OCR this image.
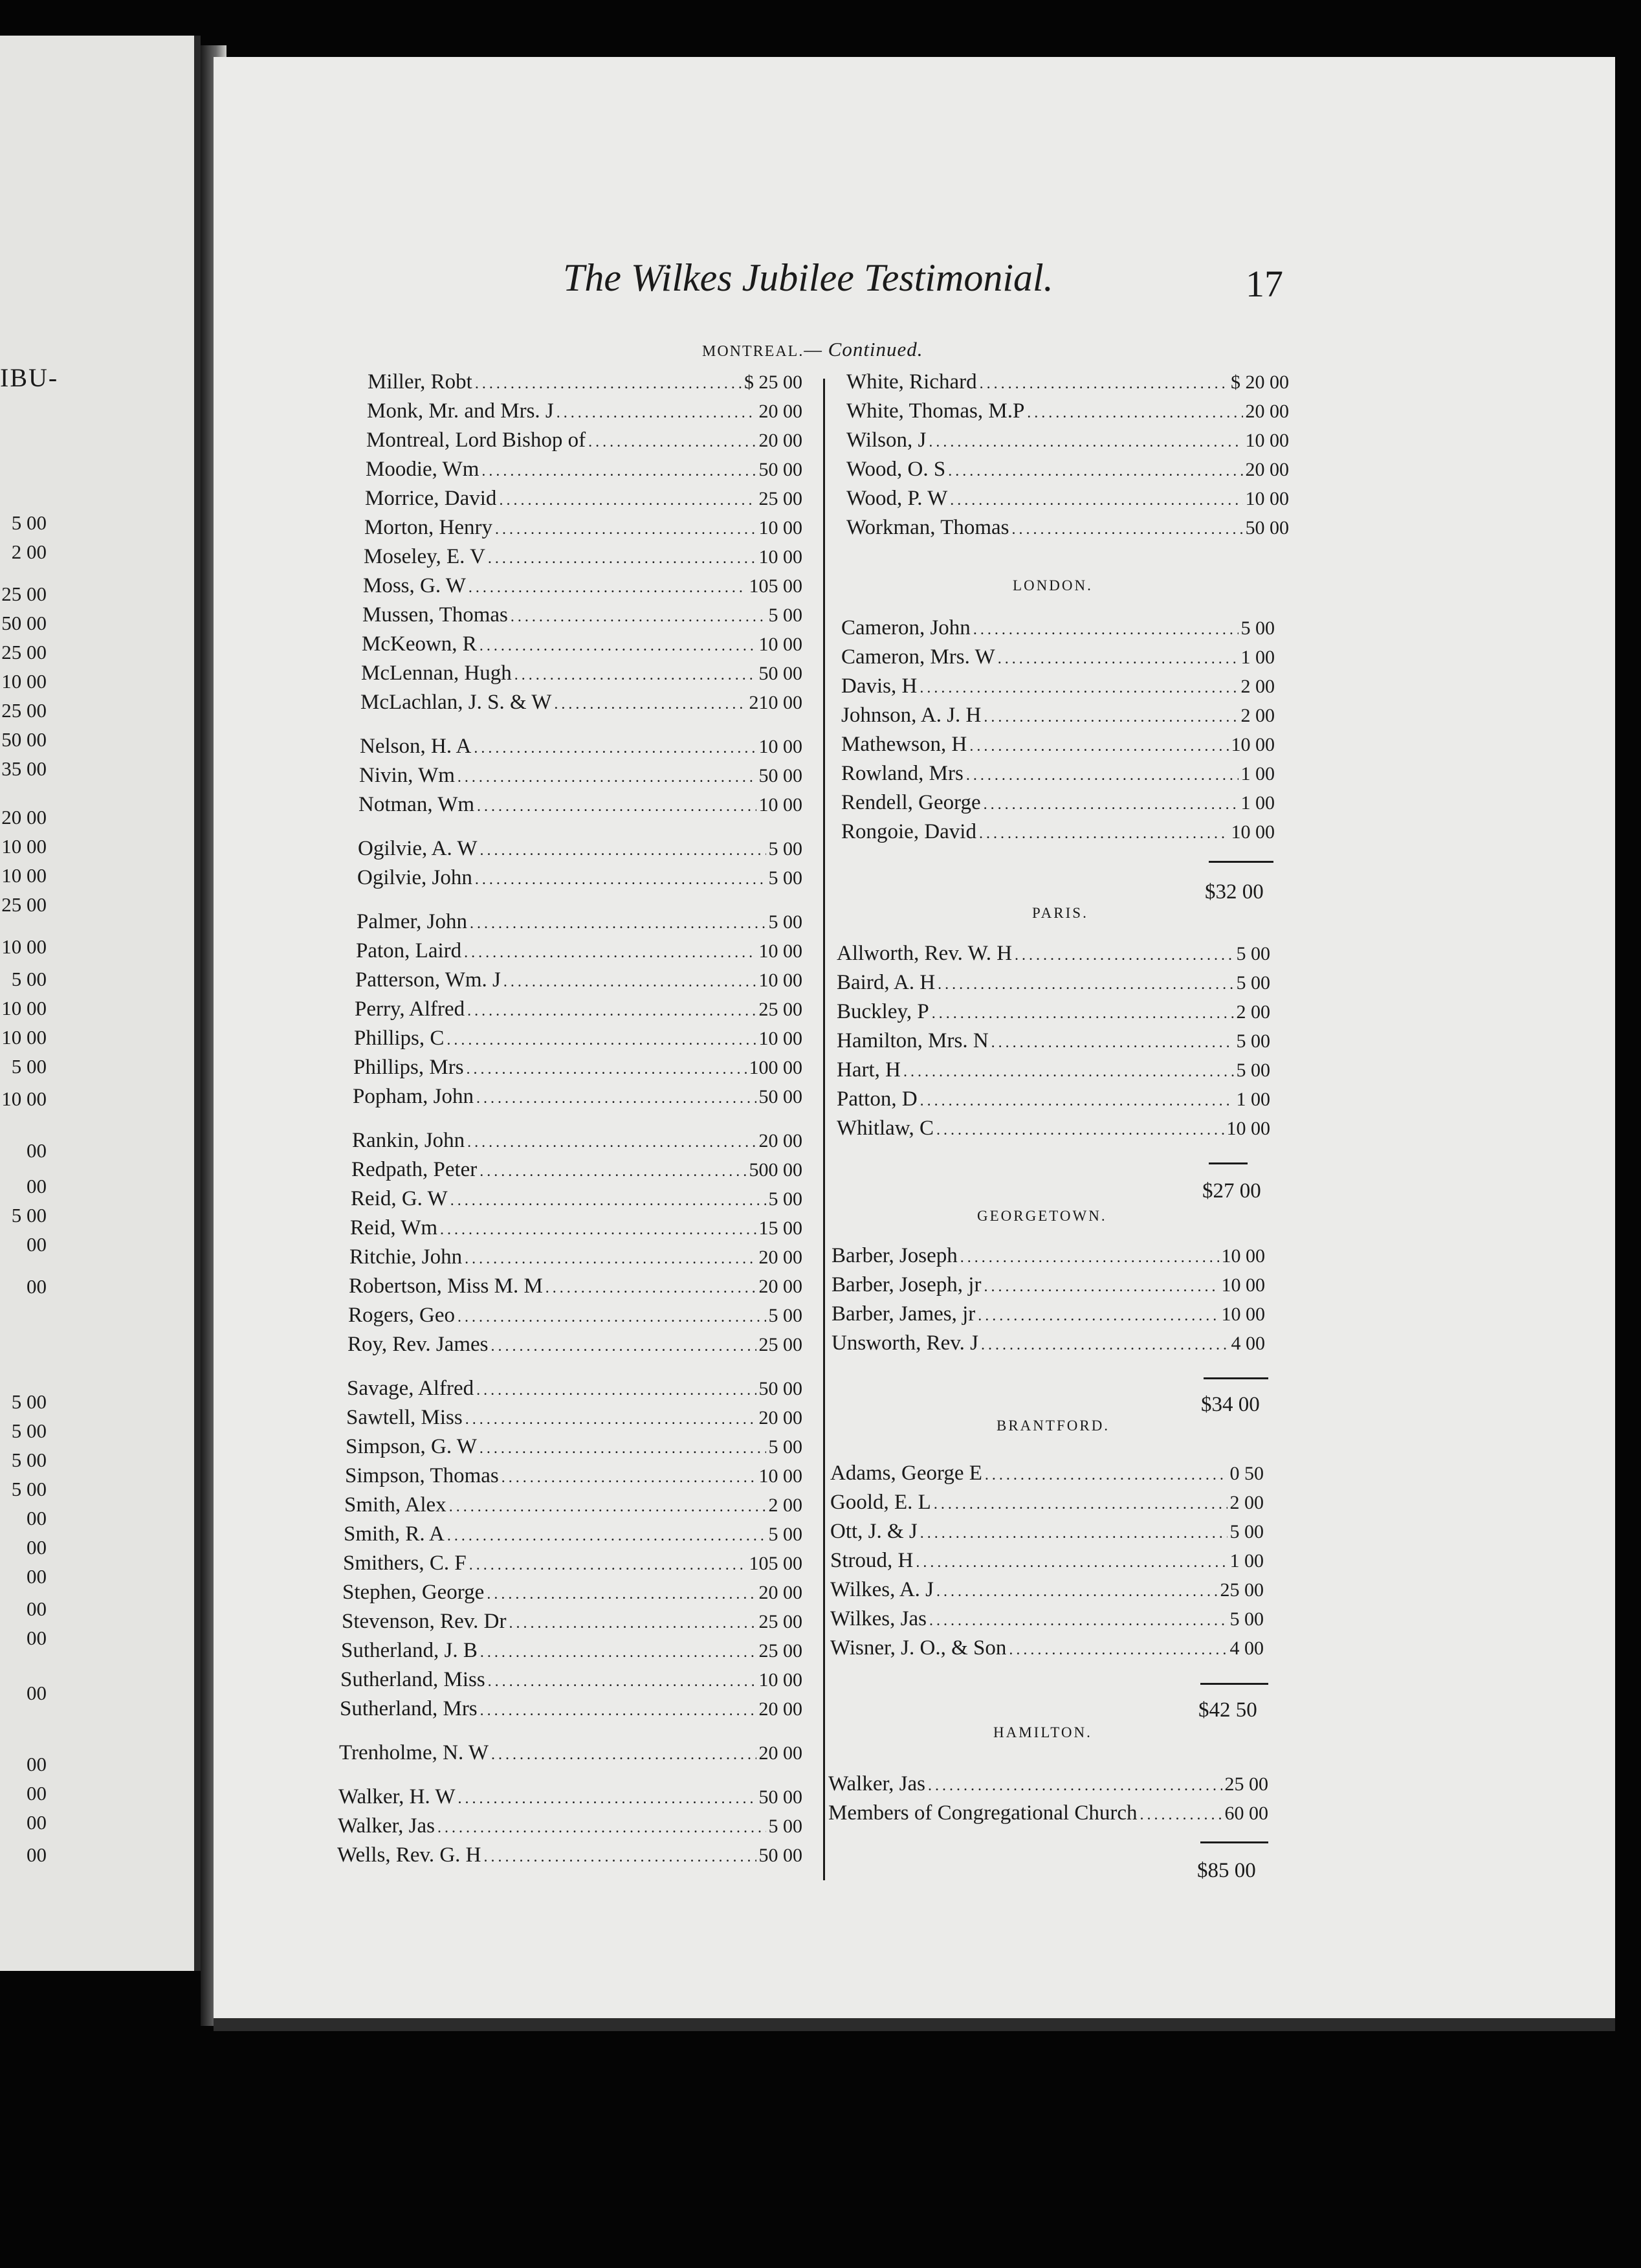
IBU-
5 00
2 00
25 00
50 00
25 00
10 00
25 00
50 00
35 00
20 00
10 00
10 00
25 00
10 00
5 00
10 00
10 00
5 00
10 00
00
00
5 00
00
00
5 00
5 00
5 00
5 00
00
00
00
00
00
00
00
00
00
00
The Wilkes Jubilee Testimonial.	17
MONTREAL.— Continued.
Miller, Robt .....	$ 25 00
Monk, Mr. and Mrs. J .....	20 00
Montreal, Lord Bishop of .....	20 00
Moodie, Wm .....	50 00
Morrice, David .....	25 00
Morton, Henry .....	10 00
Moseley, E. V .....	10 00
Moss, G. W .....	105 00
Mussen, Thomas .....	5 00
McKeown, R .....	10 00
McLennan, Hugh .....	50 00
McLachlan, J. S. & W .....	210 00
Nelson, H. A .....	10 00
Nivin, Wm .....	50 00
Notman, Wm .....	10 00
Ogilvie, A. W .....	5 00
Ogilvie, John .....	5 00
Palmer, John .....	5 00
Paton, Laird .....	10 00
Patterson, Wm. J .....	10 00
Perry, Alfred .....	25 00
Phillips, C .....	10 00
Phillips, Mrs .....	100 00
Popham, John .....	50 00
Rankin, John .....	20 00
Redpath, Peter .....	500 00
Reid, G. W .....	5 00
Reid, Wm .....	15 00
Ritchie, John .....	20 00
Robertson, Miss M. M .....	20 00
Rogers, Geo .....	5 00
Roy, Rev. James .....	25 00
Savage, Alfred .....	50 00
Sawtell, Miss .....	20 00
Simpson, G. W .....	5 00
Simpson, Thomas .....	10 00
Smith, Alex .....	2 00
Smith, R. A .....	5 00
Smithers, C. F .....	105 00
Stephen, George .....	20 00
Stevenson, Rev. Dr .....	25 00
Sutherland, J. B .....	25 00
Sutherland, Miss .....	10 00
Sutherland, Mrs .....	20 00
Trenholme, N. W .....	20 00
Walker, H. W .....	50 00
Walker, Jas .....	5 00
Wells, Rev. G. H .....	50 00
White, Richard .....	$ 20 00
White, Thomas, M.P .....	20 00
Wilson, J .....	10 00
Wood, O. S .....	20 00
Wood, P. W .....	10 00
Workman, Thomas .....	50 00
LONDON.
Cameron, John .....	5 00
Cameron, Mrs. W .....	1 00
Davis, H .....	2 00
Johnson, A. J. H .....	2 00
Mathewson, H .....	10 00
Rowland, Mrs .....	1 00
Rendell, George .....	1 00
Rongoie, David .....	10 00
$32 00
PARIS.
Allworth, Rev. W. H .....	5 00
Baird, A. H .....	5 00
Buckley, P .....	2 00
Hamilton, Mrs. N .....	5 00
Hart, H .....	5 00
Patton, D .....	1 00
Whitlaw, C .....	10 00
$27 00
GEORGETOWN.
Barber, Joseph .....	10 00
Barber, Joseph, jr .....	10 00
Barber, James, jr .....	10 00
Unsworth, Rev. J .....	4 00
$34 00
BRANTFORD.
Adams, George E .....	0 50
Goold, E. L .....	2 00
Ott, J. & J .....	5 00
Stroud, H .....	1 00
Wilkes, A. J .....	25 00
Wilkes, Jas .....	5 00
Wisner, J. O., & Son .....	4 00
$42 50
HAMILTON.
Walker, Jas .....	25 00
Members of Congregational Church .....	60 00
$85 00
